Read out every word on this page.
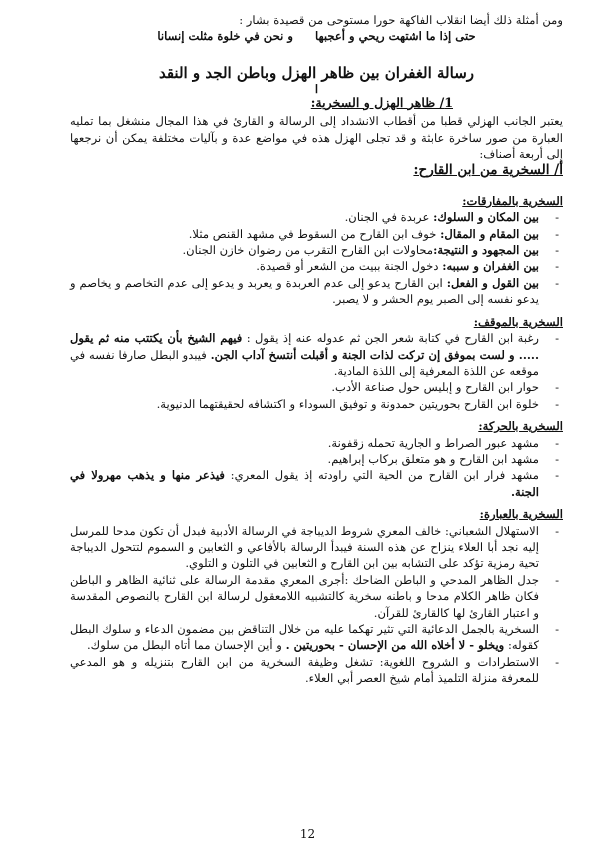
ومن أمثلة ذلك أيضا انقلاب الفاكهة حورا مستوحى من قصيدة بشار :

حتى إذا ما اشتهت ريحي و أعجبها و نحن في خلوة مثلت إنسانا

رسالة الغفران بين ظاهر الهزل وباطن الجد و النقد

ا

1/ ظاهر الهزل و السخرية:

يعتبر الجانب الهزلي قطبا من أقطاب الانشداد إلى الرسالة و القارئ في هذا المجال منشغل بما تمليه العبارة من صور ساخرة عابثة و قد تجلى الهزل هذه في مواضع عدة و بآليات مختلفة يمكن أن نرجعها إلى أربعة أصناف:

أ/ السخرية من ابن القارح:
السخرية بالمفارقات:
-
بين المكان و السلوك: عربدة في الجنان.
-
بين المقام و المقال: خوف ابن القارح من السقوط في مشهد القنص مثلا.
-
بين المجهود و النتيجة:محاولات ابن القارح التقرب من رضوان خازن الجنان.
-
بين الغفران و سببه: دخول الجنة ببيت من الشعر أو قصيدة.
-
بين القول و الفعل: ابن القارح يدعو إلى عدم العربدة و يعربد و يدعو إلى عدم التخاصم و يخاصم و يدعو نفسه إلى الصبر يوم الحشر و لا يصبر.
السخرية بالموقف:
-
رغبة ابن القارح في كتابة شعر الجن ثم عدوله عنه إذ يقول : فيهم الشيخ بأن يكتتب منه ثم يقول ..... و لست بموفق إن تركت لذات الجنة و أقبلت أنتسخ آداب الجن. فيبدو البطل صارفا نفسه في موقعه عن اللذة المعرفية إلى اللذة المادية.
-
حوار ابن القارح و إبليس حول صناعة الأدب.
-
خلوة ابن القارح بحوريتين حمدونة و توفيق السوداء و اكتشافه لحقيقتهما الدنيوية.
السخرية بالحركة:
-
مشهد عبور الصراط و الجارية تحمله زقفونة.
-
مشهد ابن القارح و هو متعلق بركاب إبراهيم.
-
مشهد فرار ابن القارح من الحية التي راودته إذ يقول المعري: فيذعر منها و يذهب مهرولا في الجنة.
السخرية بالعبارة:
-
الاستهلال الشعباني: خالف المعري شروط الديباجة في الرسالة الأدبية فبدل أن تكون مدحا للمرسل إليه نجد أبا العلاء ينزاح عن هذه السنة فيبدأ الرسالة بالأفاعي و الثعابين و السموم لتتحول الديباجة تحية رمزية تؤكد على التشابه بين ابن القارح و الثعابين في التلون و التلوي.
-
جدل الظاهر المدحي و الباطن الضاحك :أجرى المعري مقدمة الرسالة على ثنائية الظاهر و الباطن فكان ظاهر الكلام مدحا و باطنه سخرية كالتشبيه اللامعقول لرسالة ابن القارح بالنصوص المقدسة و اعتبار القارئ لها كالقارئ للقرآن.
-
السخرية بالجمل الدعائية التي تثير تهكما عليه من خلال التناقض بين مضمون الدعاء و سلوك البطل كقوله: ويخلو - لا أخلاه الله من الإحسان - بحوريتين . و أين الإحسان مما أتاه البطل من سلوك.
-
الاستطرادات و الشروح اللغوية: تشغل وظيفة السخرية من ابن القارح بتنزيله و هو المدعي للمعرفة منزلة التلميذ أمام شيخ العصر أبي العلاء.
12
